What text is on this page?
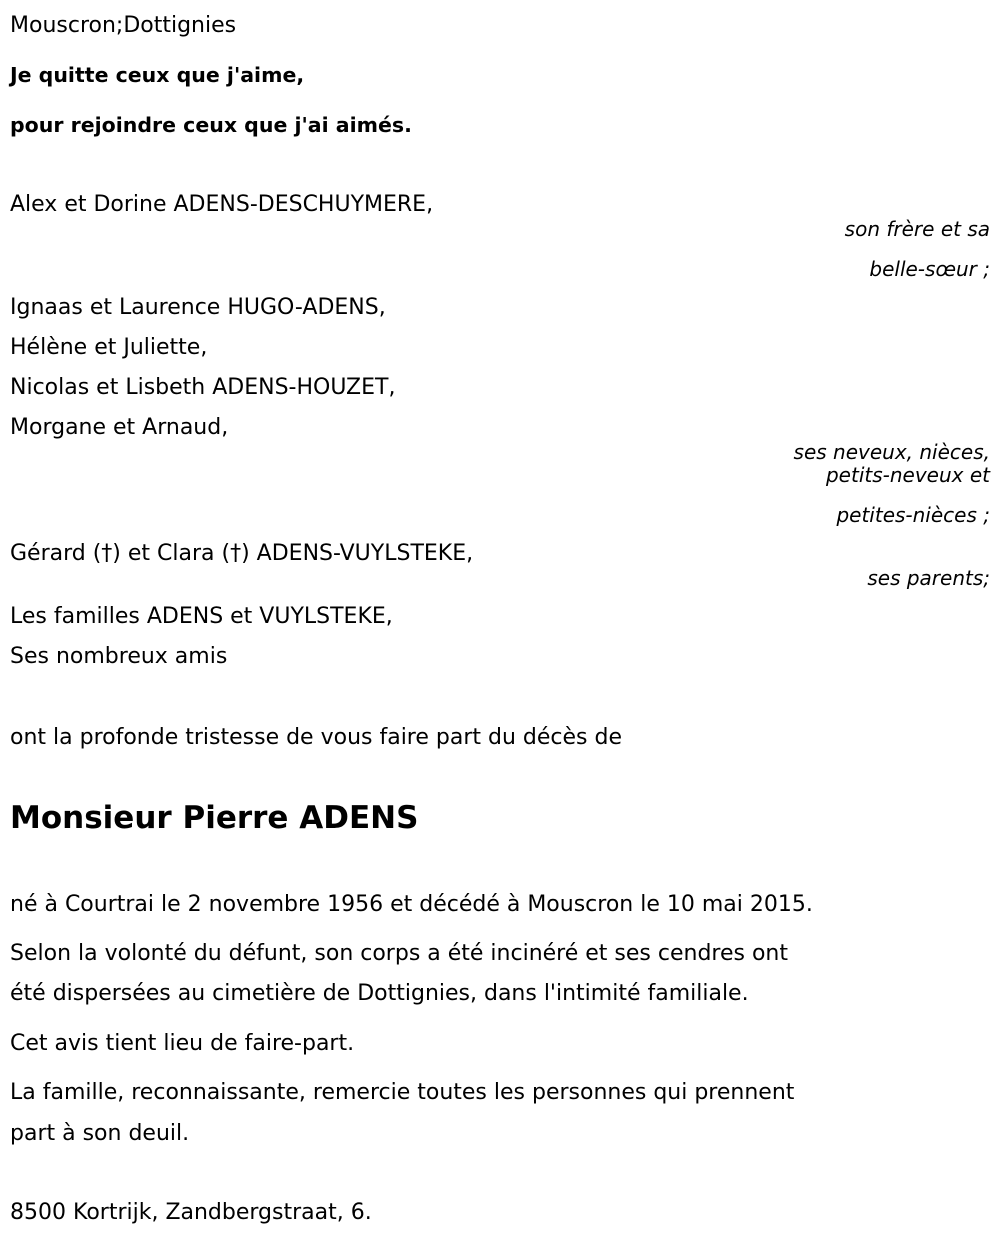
Mouscron;Dottignies
Je quitte ceux que j'aime,
pour rejoindre ceux que j'ai aimés.
Alex et Dorine ADENS-DESCHUYMERE,
son frère et sa
belle-sœur ;
Ignaas et Laurence HUGO-ADENS,
Hélène et Juliette,
Nicolas et Lisbeth ADENS-HOUZET,
Morgane et Arnaud,
ses neveux, nièces,
petits-neveux et
petites-nièces ;
Gérard (†) et Clara (†) ADENS-VUYLSTEKE,
ses parents;
Les familles ADENS et VUYLSTEKE,
Ses nombreux amis
ont la profonde tristesse de vous faire part du décès de
Monsieur Pierre ADENS
né à Courtrai le 2 novembre 1956 et décédé à Mouscron le 10 mai 2015.
Selon la volonté du défunt, son corps a été incinéré et ses cendres ont
été dispersées au cimetière de Dottignies, dans l'intimité familiale.
Cet avis tient lieu de faire-part.
La famille, reconnaissante, remercie toutes les personnes qui prennent
part à son deuil.
8500 Kortrijk, Zandbergstraat, 6.
